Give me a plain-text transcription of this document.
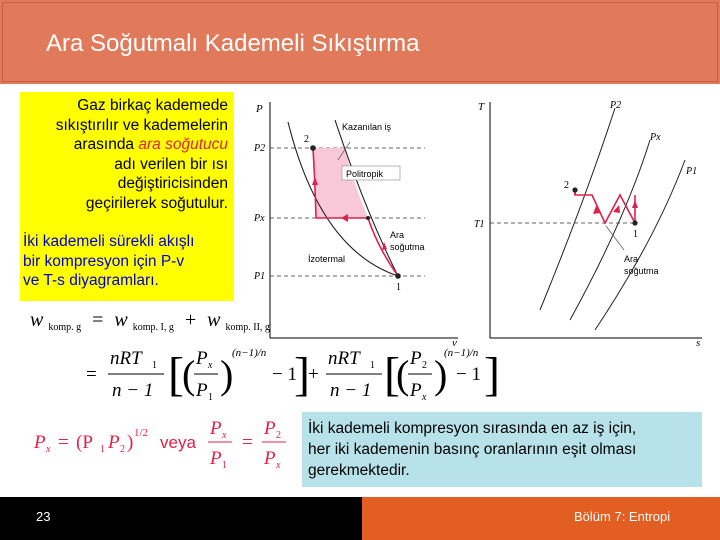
Ara Soğutmalı Kademeli Sıkıştırma
Gaz birkaç kademede
sıkıştırılır ve kademelerin
arasında ara soğutucu
adı verilen bir ısı
değiştiricisinden
geçirilerek soğutulur.
İki kademeli sürekli akışlı
bir kompresyon için P-v
ve T-s diyagramları.
P
v
P2
Px
P1
1
2
Kazanılan iş
Politropik
İzotermal
Ara
soğutma
T
s
P2
Px
P1
T1
1
2
Ara
soğutma
w $_{komp. g}$ = w $_{komp. I, g}$ + w $_{komp. II, g}$
=
nRT 1
n − 1 [
( P x
P 1
)
(n−1)/n
− 1
]
+
nRT 1
n − 1 [
( P 2
P x
)
(n−1)/n
− 1 ]
P x = (P 1 P 2 ) 1/2 veya
P x
P 1
=
P 2
P x
İki kademeli kompresyon sırasında en az iş için,
her iki kademenin basınç oranlarının eşit olması
gerekmektedir.
23	Bölüm 7: Entropi
